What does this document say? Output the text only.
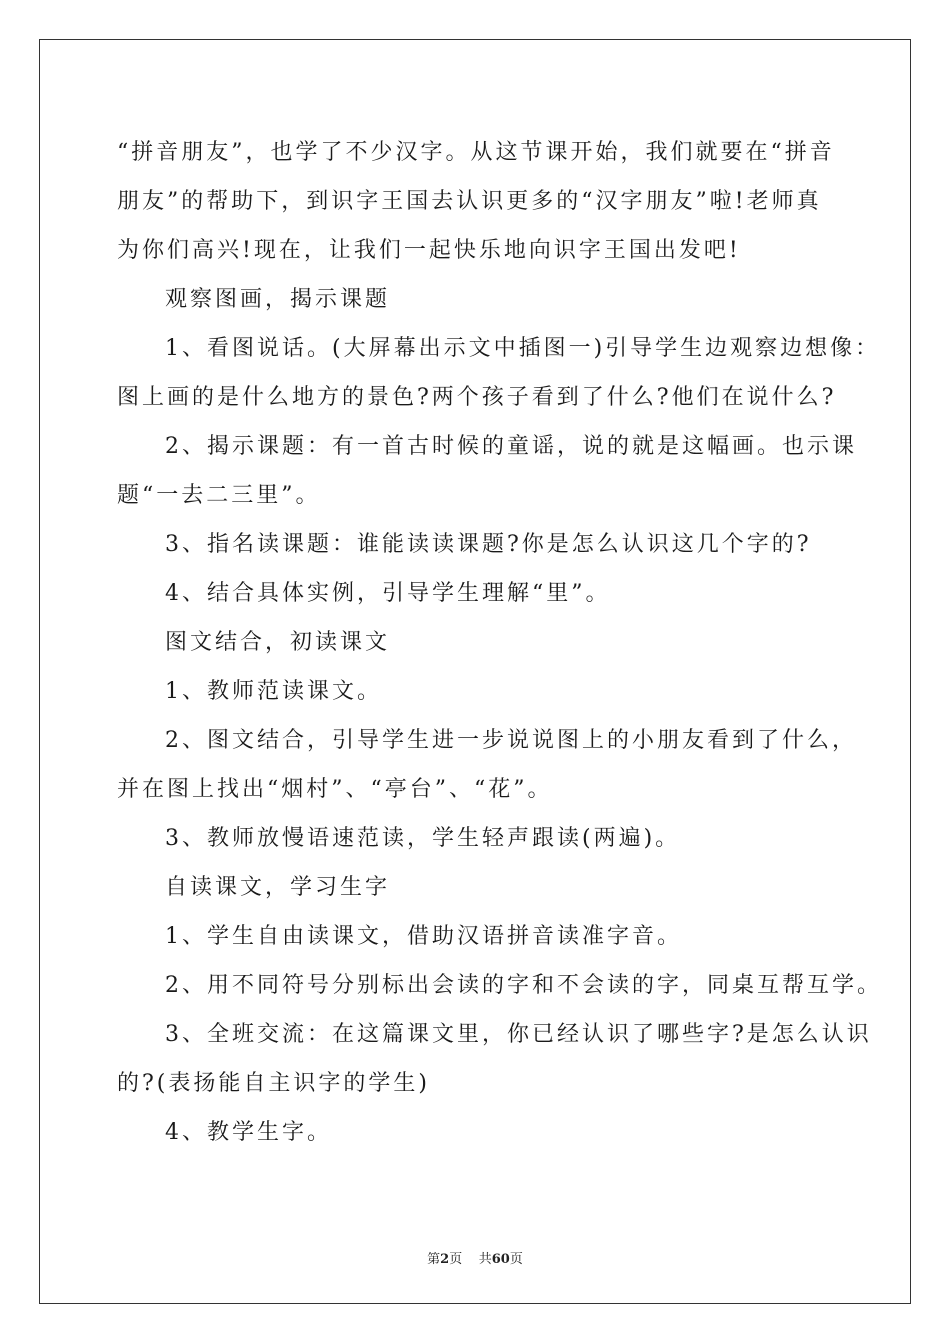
“拼音朋友”，也学了不少汉字。从这节课开始，我们就要在“拼音

朋友”的帮助下，到识字王国去认识更多的“汉字朋友”啦!老师真

为你们高兴!现在，让我们一起快乐地向识字王国出发吧!

观察图画，揭示课题

1、看图说话。(大屏幕出示文中插图一)引导学生边观察边想像：

图上画的是什么地方的景色?两个孩子看到了什么?他们在说什么?

2、揭示课题：有一首古时候的童谣，说的就是这幅画。也示课

题“一去二三里”。

3、指名读课题：谁能读读课题?你是怎么认识这几个字的?

4、结合具体实例，引导学生理解“里”。

图文结合，初读课文

1、教师范读课文。

2、图文结合，引导学生进一步说说图上的小朋友看到了什么，

并在图上找出“烟村”、“亭台”、“花”。

3、教师放慢语速范读，学生轻声跟读(两遍)。

自读课文，学习生字

1、学生自由读课文，借助汉语拼音读准字音。

2、用不同符号分别标出会读的字和不会读的字，同桌互帮互学。

3、全班交流：在这篇课文里，你已经认识了哪些字?是怎么认识

的?(表扬能自主识字的学生)

4、教学生字。

第2页 共60页
